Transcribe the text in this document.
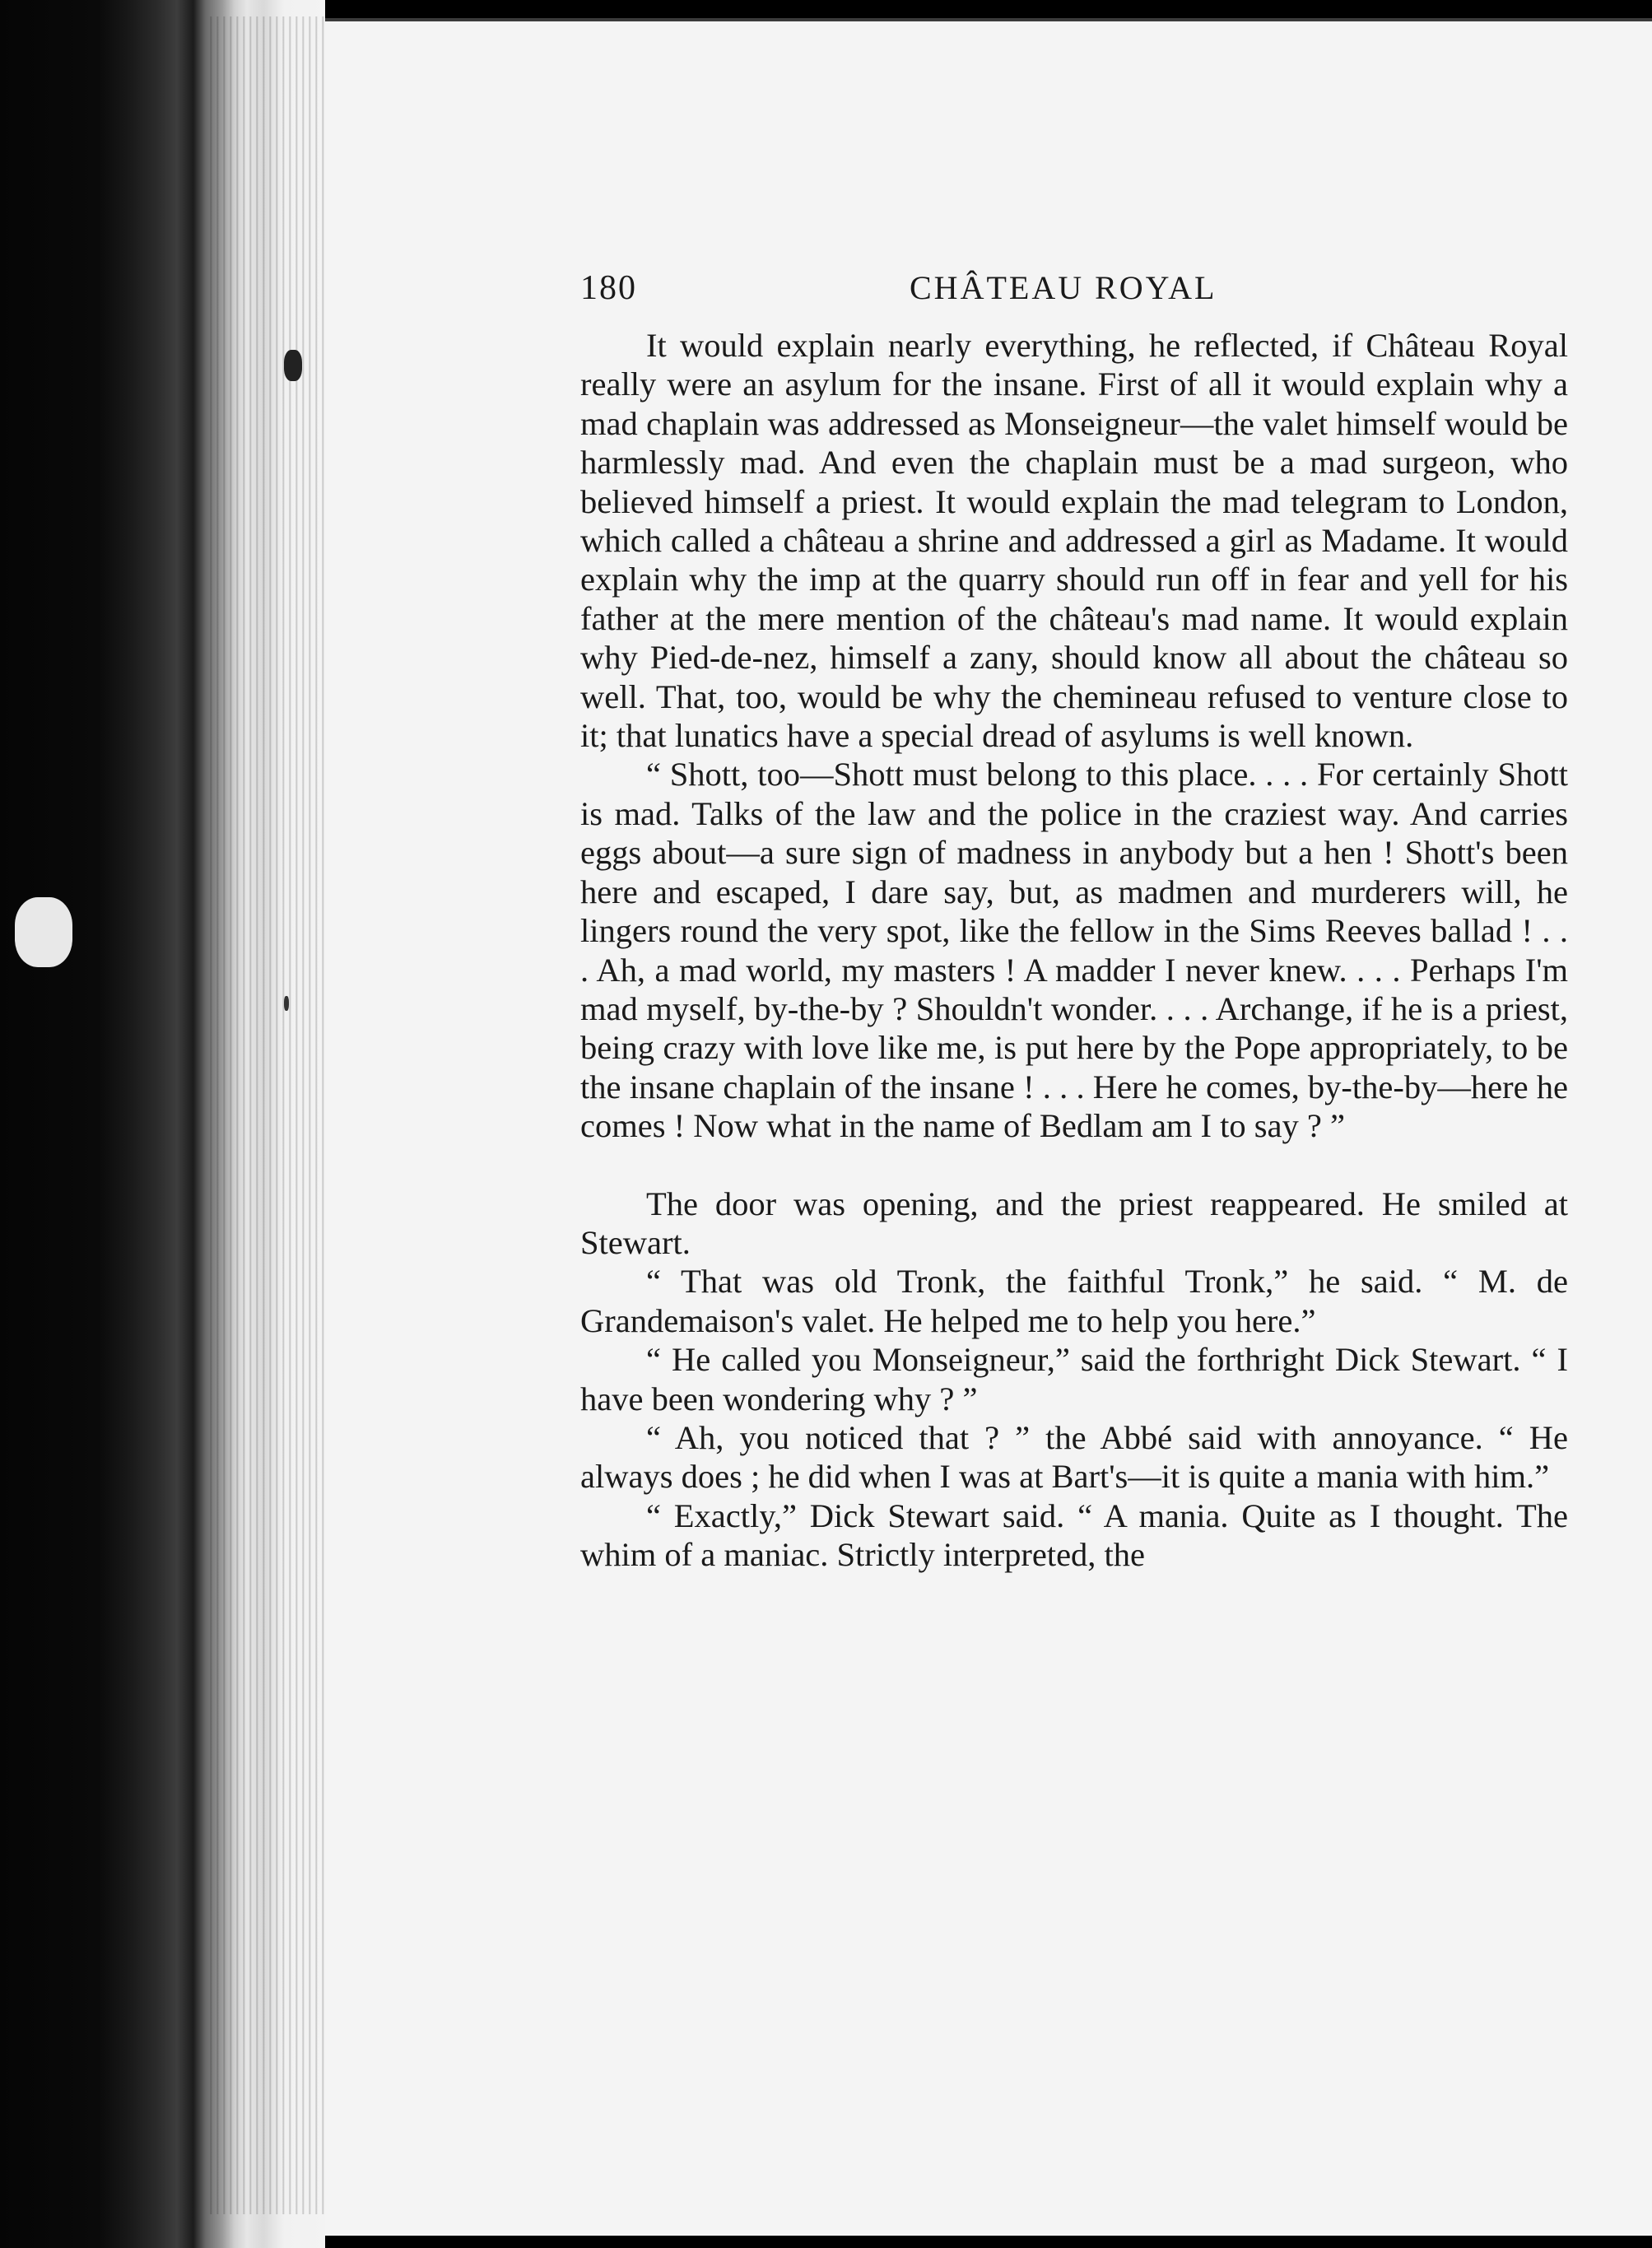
180	CHÂTEAU ROYAL

It would explain nearly everything, he reflected, if Château Royal really were an asylum for the insane. First of all it would explain why a mad chaplain was addressed as Monseigneur—the valet himself would be harmlessly mad. And even the chaplain must be a mad surgeon, who believed himself a priest. It would explain the mad telegram to London, which called a château a shrine and addressed a girl as Madame. It would explain why the imp at the quarry should run off in fear and yell for his father at the mere mention of the château's mad name. It would explain why Pied-de-nez, himself a zany, should know all about the château so well. That, too, would be why the chemineau refused to venture close to it; that lunatics have a special dread of asylums is well known.

“ Shott, too—Shott must belong to this place. . . . For certainly Shott is mad. Talks of the law and the police in the craziest way. And carries eggs about—a sure sign of madness in anybody but a hen ! Shott's been here and escaped, I dare say, but, as madmen and murderers will, he lingers round the very spot, like the fellow in the Sims Reeves ballad ! . . . Ah, a mad world, my masters ! A madder I never knew. . . . Perhaps I'm mad myself, by-the-by ? Shouldn't wonder. . . . Archange, if he is a priest, being crazy with love like me, is put here by the Pope appropriately, to be the insane chaplain of the insane ! . . . Here he comes, by-the-by—here he comes ! Now what in the name of Bedlam am I to say ? ”

The door was opening, and the priest reappeared. He smiled at Stewart.

“ That was old Tronk, the faithful Tronk,” he said. “ M. de Grandemaison's valet. He helped me to help you here.”

“ He called you Monseigneur,” said the forthright Dick Stewart. “ I have been wondering why ? ”

“ Ah, you noticed that ? ” the Abbé said with annoyance. “ He always does ; he did when I was at Bart's—it is quite a mania with him.”

“ Exactly,” Dick Stewart said. “ A mania. Quite as I thought. The whim of a maniac. Strictly interpreted, the
